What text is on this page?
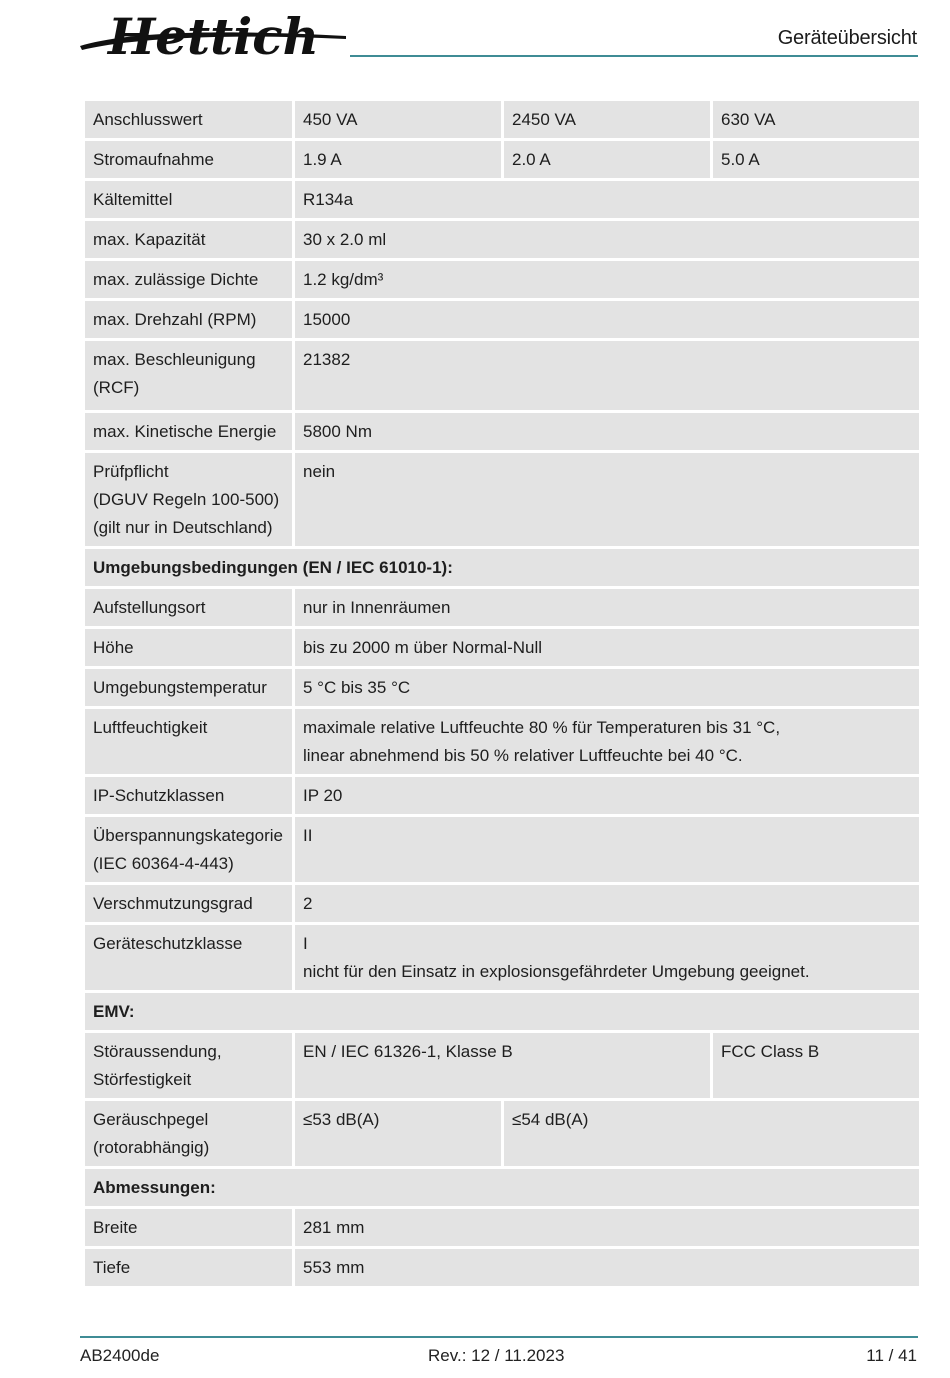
Hettich	Geräteübersicht
Anschlusswert	450 VA	2450 VA	630 VA
Stromaufnahme	1.9 A	2.0 A	5.0 A
Kältemittel	R134a		
max. Kapazität	30 x 2.0 ml		
max. zulässige Dichte	1.2 kg/dm³		
max. Drehzahl (RPM)	15000		
max. Beschleunigung (RCF)	21382		
max. Kinetische Energie	5800 Nm		

Prüfpflicht
(DGUV Regeln 100-500)
(gilt nur in Deutschland)	nein		
Umgebungsbedingungen (EN / IEC 61010-1):			
Aufstellungsort	nur in Innenräumen		
Höhe	bis zu 2000 m über Normal-Null		
Umgebungstemperatur	5 °C bis 35 °C		
Luftfeuchtigkeit	maximale relative Luftfeuchte 80 % für Temperaturen bis 31 °C,
linear abnehmend bis 50 % relativer Luftfeuchte bei 40 °C.		

IP-Schutzklassen	IP 20		

Überspannungskategorie
(IEC 60364-4-443)	II		
Verschmutzungsgrad	2		
Geräteschutzklasse	I
nicht für den Einsatz in explosionsgefährdeter Umgebung geeignet.		

EMV:			

Störaussendung,
Störfestigkeit	EN / IEC 61326-1, Klasse B		FCC Class B

Geräuschpegel
(rotorabhängig)	≤53 dB(A)	≤54 dB(A)	
Abmessungen:			
Breite	281 mm		
Tiefe	553 mm		
AB2400de	Rev.: 12 / 11.2023	11 / 41
